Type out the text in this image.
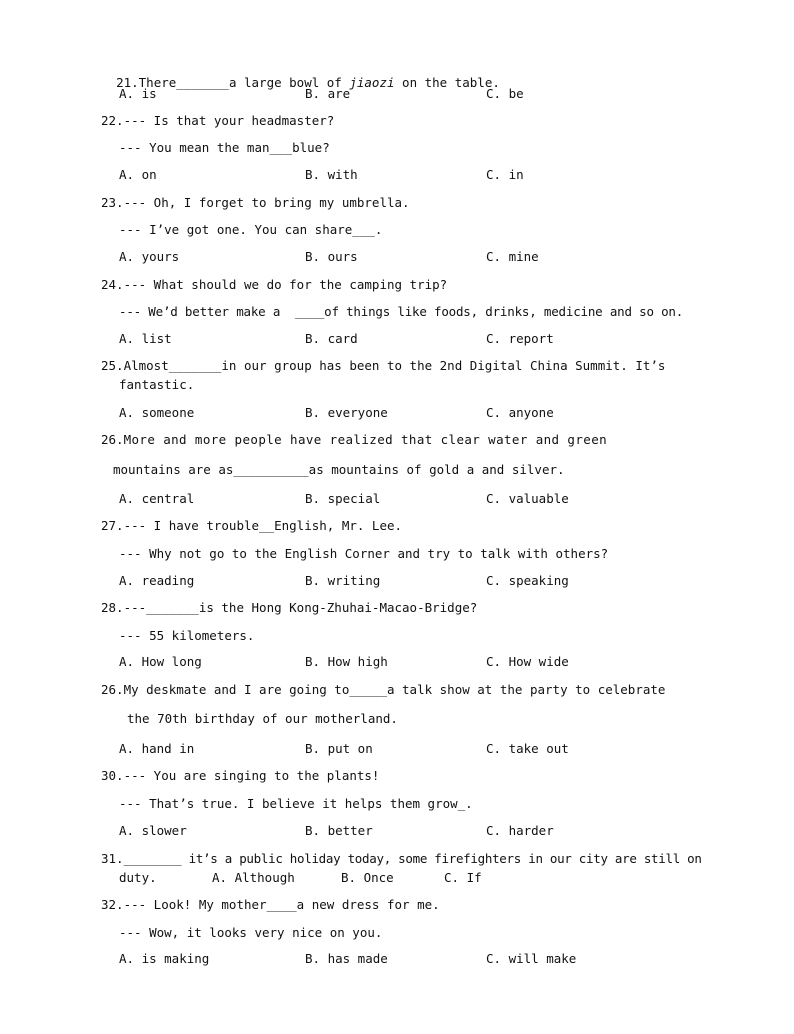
21.There_______a large bowl of jiaozi on the table.

A. is	B. are	C. be
22.--- Is that your headmaster?
--- You mean the man___blue?
A. on	B. with	C. in
23.--- Oh, I forget to bring my umbrella.
--- I’ve got one. You can share___.
A. yours	B. ours	C. mine
24.--- What should we do for the camping trip?
--- We’d better make a  ____of things like foods, drinks, medicine and so on.
A. list	B. card	C. report
25.Almost_______in our group has been to the 2nd Digital China Summit. It’s
fantastic.
A. someone	B. everyone	C. anyone
26.More and more people have realized that clear water and green
mountains are as__________as mountains of gold a and silver.
A. central	B. special	C. valuable
27.--- I have trouble__English, Mr. Lee.
--- Why not go to the English Corner and try to talk with others?
A. reading	B. writing	C. speaking
28.---_______is the Hong Kong-Zhuhai-Macao-Bridge?
--- 55 kilometers.
A. How long	B. How high	C. How wide
26.My deskmate and I are going to_____a talk show at the party to celebrate
the 70th birthday of our motherland.
A. hand in	B. put on	C. take out
30.--- You are singing to the plants!
--- That’s true. I believe it helps them grow_.
A. slower	B. better	C. harder
31.________ it’s a public holiday today, some firefighters in our city are still on
duty.	A. Although	B. Once	C. If
32.--- Look! My mother____a new dress for me.
--- Wow, it looks very nice on you.
A. is making	B. has made	C. will make
